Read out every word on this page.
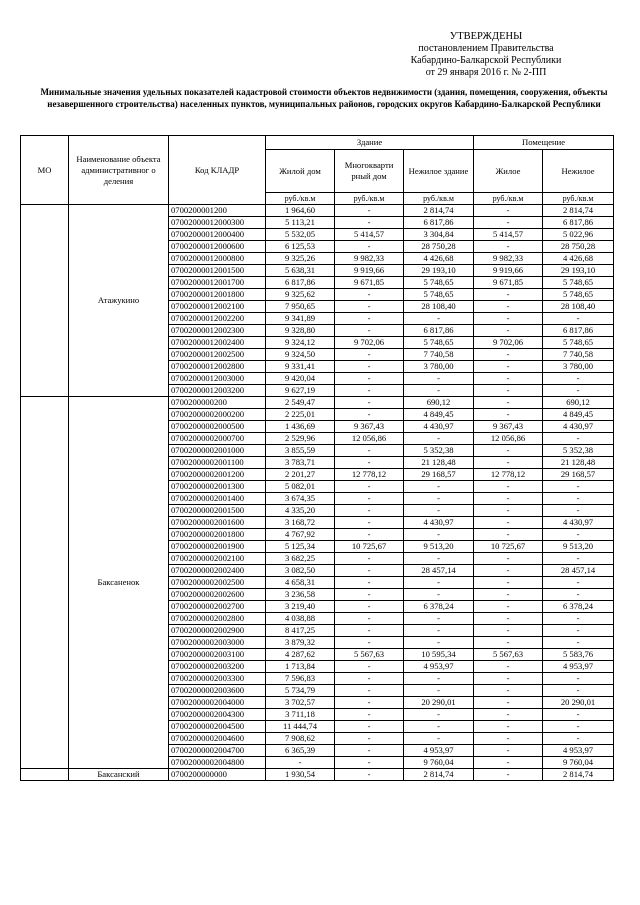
УТВЕРЖДЕНЫ
постановлением Правительства
Кабардино-Балкарской Республики
от 29 января 2016 г. № 2-ПП
Минимальные значения удельных показателей кадастровой стоимости объектов недвижимости (здания, помещения, сооружения, объекты незавершенного строительства) населенных пунктов, муниципальных районов, городских округов Кабардино-Балкарской Республики
МО	Наименование объекта административног о деления	Код КЛАДР	Здание			Помещение	
			Жилой дом	Многокварти рный дом	Нежилое здание	Жилое	Нежилое
			руб./кв.м	руб./кв.м	руб./кв.м	руб./кв.м	руб./кв.м
	Атажукино	0700200001200	1 964,60	-	2 814,74	-	2 814,74
		07002000012000300	5 113,21	-	6 817,86	-	6 817,86
		07002000012000400	5 532,05	5 414,57	3 304,84	5 414,57	5 022,96
		07002000012000600	6 125,53	-	28 750,28	-	28 750,28
		07002000012000800	9 325,26	9 982,33	4 426,68	9 982,33	4 426,68
		07002000012001500	5 638,31	9 919,66	29 193,10	9 919,66	29 193,10
		07002000012001700	6 817,86	9 671,85	5 748,65	9 671,85	5 748,65
		07002000012001800	9 325,62	-	5 748,65	-	5 748,65
		07002000012002100	7 950,65	-	28 108,40	-	28 108,40
		07002000012002200	9 341,89	-	-	-	-
		07002000012002300	9 328,80	-	6 817,86	-	6 817,86
		07002000012002400	9 324,12	9 702,06	5 748,65	9 702,06	5 748,65
		07002000012002500	9 324,50	-	7 740,58	-	7 740,58
		07002000012002800	9 331,41	-	3 780,00	-	3 780,00
		07002000012003000	9 420,04	-	-	-	-
		07002000012003200	9 627,19	-	-	-	-
	Баксаненок	0700200000200	2 549,47	-	690,12	-	690,12
		07002000002000200	2 225,01	-	4 849,45	-	4 849,45
		07002000002000500	1 436,69	9 367,43	4 430,97	9 367,43	4 430,97
		07002000002000700	2 529,96	12 056,86	-	12 056,86	-
		07002000002001000	3 855,59	-	5 352,38	-	5 352,38
		07002000002001100	3 783,71	-	21 128,48	-	21 128,48
		07002000002001200	2 201,27	12 778,12	29 168,57	12 778,12	29 168,57
		07002000002001300	5 082,01	-	-	-	-
		07002000002001400	3 674,35	-	-	-	-
		07002000002001500	4 335,20	-	-	-	-
		07002000002001600	3 168,72	-	4 430,97	-	4 430,97
		07002000002001800	4 767,92	-	-	-	-
		07002000002001900	5 125,34	10 725,67	9 513,20	10 725,67	9 513,20
		07002000002002100	3 682,25	-	-	-	-
		07002000002002400	3 082,50	-	28 457,14	-	28 457,14
		07002000002002500	4 658,31	-	-	-	-
		07002000002002600	3 236,58	-	-	-	-
		07002000002002700	3 219,40	-	6 378,24	-	6 378,24
		07002000002002800	4 038,88	-	-	-	-
		07002000002002900	8 417,25	-	-	-	-
		07002000002003000	3 879,32	-	-	-	-
		07002000002003100	4 287,62	5 567,63	10 595,34	5 567,63	5 583,76
		07002000002003200	1 713,84	-	4 953,97	-	4 953,97
		07002000002003300	7 596,83	-	-	-	-
		07002000002003600	5 734,79	-	-	-	-
		07002000002004000	3 702,57	-	20 290,01	-	20 290,01
		07002000002004300	3 711,18	-	-	-	-
		07002000002004500	11 444,74	-	-	-	-
		07002000002004600	7 908,62	-	-	-	-
		07002000002004700	6 365,39	-	4 953,97	-	4 953,97
		07002000002004800	-	-	9 760,04	-	9 760,04
	Баксанский	0700200000000	1 930,54	-	2 814,74	-	2 814,74
